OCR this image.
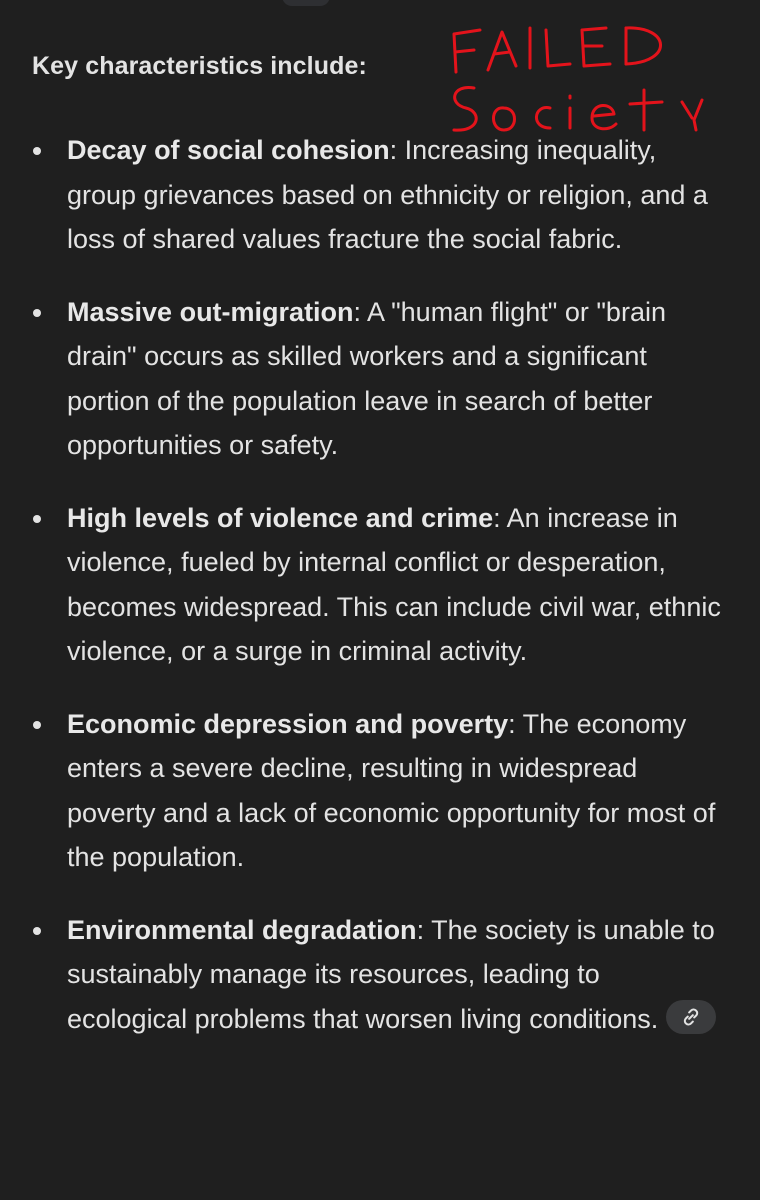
Key characteristics include:
Decay of social cohesion: Increasing inequality, group grievances based on ethnicity or religion, and a loss of shared values fracture the social fabric.
Massive out-migration: A "human flight" or "brain drain" occurs as skilled workers and a significant portion of the population leave in search of better opportunities or safety.
High levels of violence and crime: An increase in violence, fueled by internal conflict or desperation, becomes widespread. This can include civil war, ethnic violence, or a surge in criminal activity.
Economic depression and poverty: The economy enters a severe decline, resulting in widespread poverty and a lack of economic opportunity for most of the population.
Environmental degradation: The society is unable to sustainably manage its resources, leading to ecological problems that worsen living conditions.
